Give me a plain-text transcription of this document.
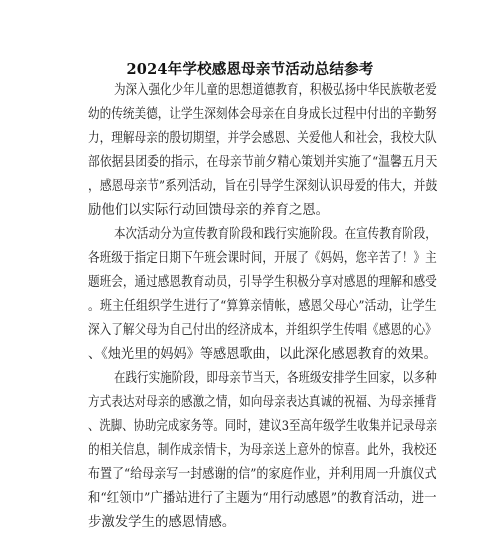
2024年学校感恩母亲节活动总结参考
为深入强化少年儿童的思想道德教育，积极弘扬中华民族敬老爱
幼的传统美德，让学生深刻体会母亲在自身成长过程中付出的辛勤努
力，理解母亲的殷切期望，并学会感恩、关爱他人和社会，我校大队
部依据县团委的指示，在母亲节前夕精心策划并实施了“温馨五月天
，感恩母亲节”系列活动，旨在引导学生深刻认识母爱的伟大，并鼓
励他们以实际行动回馈母亲的养育之恩。
本次活动分为宣传教育阶段和践行实施阶段。在宣传教育阶段，
各班级于指定日期下午班会课时间，开展了《妈妈，您辛苦了！》主
题班会，通过感恩教育动员，引导学生积极分享对感恩的理解和感受
。班主任组织学生进行了“算算亲情帐，感恩父母心”活动，让学生
深入了解父母为自己付出的经济成本，并组织学生传唱《感恩的心》
、《烛光里的妈妈》等感恩歌曲，以此深化感恩教育的效果。
在践行实施阶段，即母亲节当天，各班级安排学生回家，以多种
方式表达对母亲的感激之情，如向母亲表达真诚的祝福、为母亲捶背
、洗脚、协助完成家务等。同时，建议3至高年级学生收集并记录母亲
的相关信息，制作成亲情卡，为母亲送上意外的惊喜。此外，我校还
布置了“给母亲写一封感谢的信”的家庭作业，并利用周一升旗仪式
和“红领巾”广播站进行了主题为“用行动感恩”的教育活动，进一
步激发学生的感恩情感。
